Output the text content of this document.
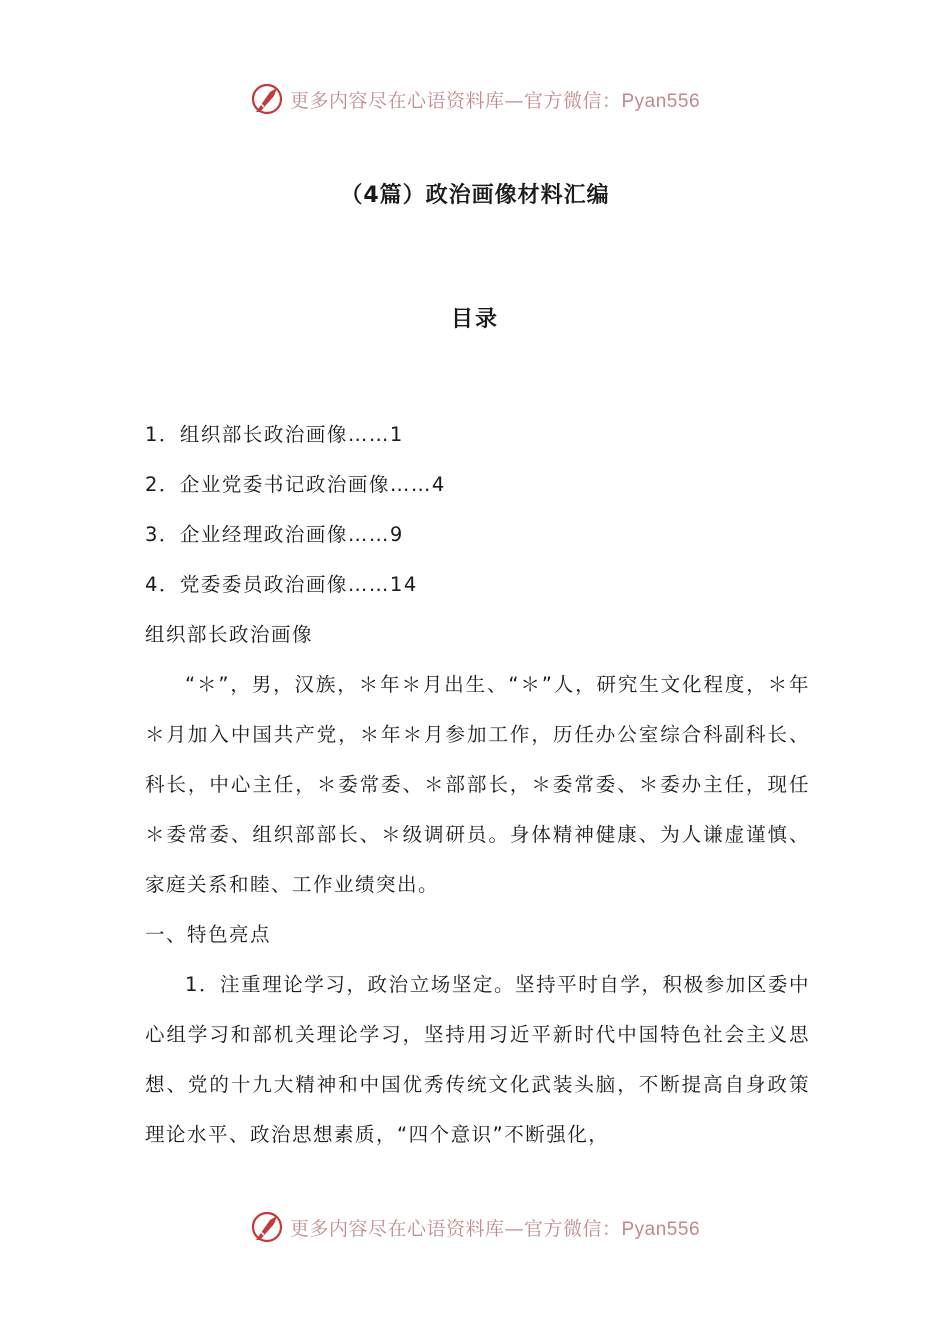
更多内容尽在心语资料库—官方微信：Pyan556
（4篇）政治画像材料汇编
目录
1．组织部长政治画像……1
2．企业党委书记政治画像……4
3．企业经理政治画像……9
4．党委委员政治画像……14
组织部长政治画像
“＊”，男，汉族，＊年＊月出生、“＊”人，研究生文化程度，＊年＊月加入中国共产党，＊年＊月参加工作，历任办公室综合科副科长、科长，中心主任，＊委常委、＊部部长，＊委常委、＊委办主任，现任＊委常委、组织部部长、＊级调研员。身体精神健康、为人谦虚谨慎、家庭关系和睦、工作业绩突出。
一、特色亮点
1．注重理论学习，政治立场坚定。坚持平时自学，积极参加区委中心组学习和部机关理论学习，坚持用习近平新时代中国特色社会主义思想、党的十九大精神和中国优秀传统文化武装头脑，不断提高自身政策理论水平、政治思想素质，“四个意识”不断强化，
更多内容尽在心语资料库—官方微信：Pyan556
